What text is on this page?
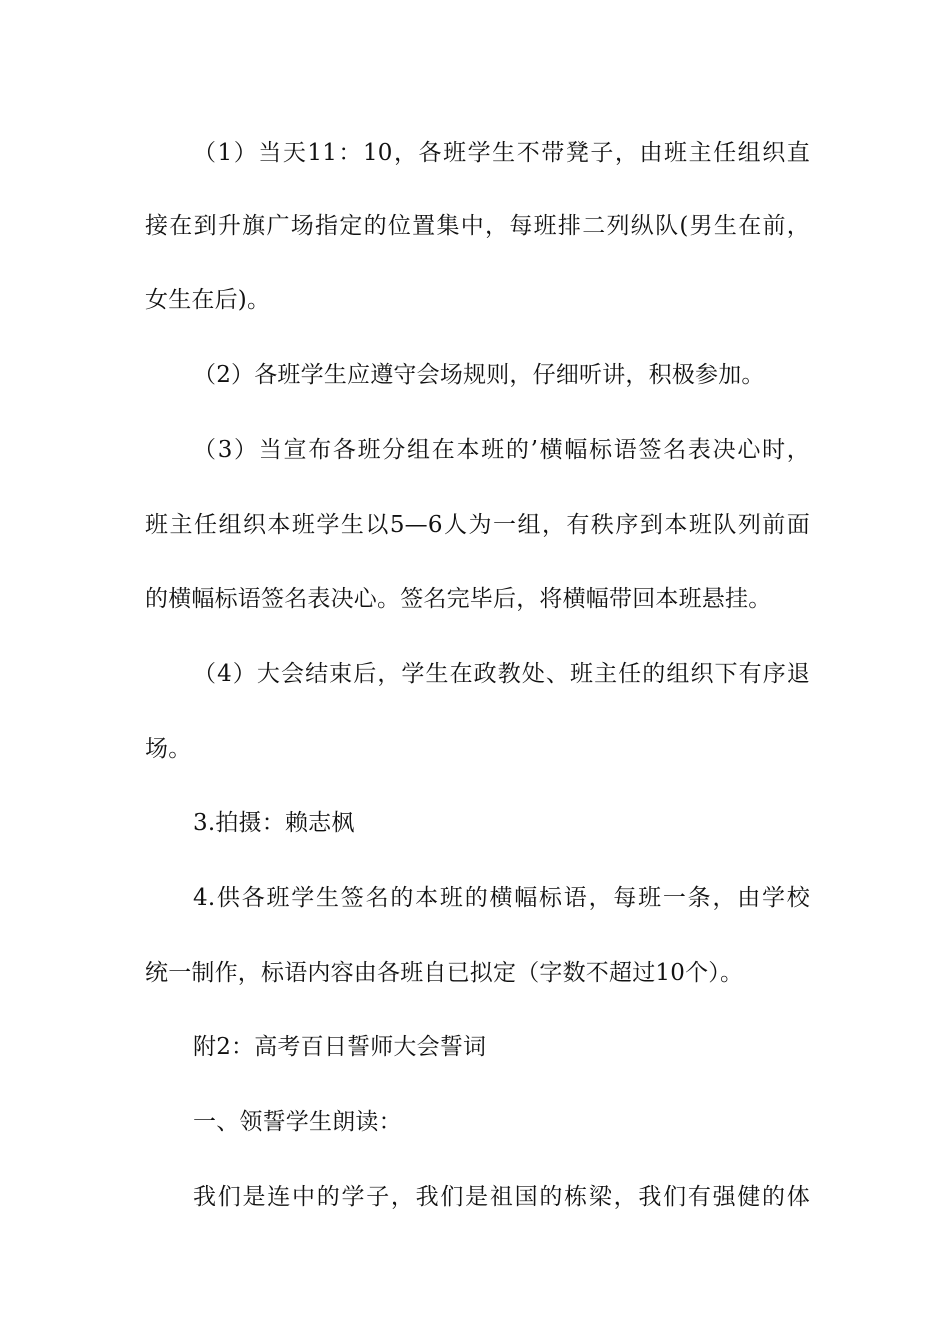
（1）当天11：10，各班学生不带凳子，由班主任组织直
接在到升旗广场指定的位置集中，每班排二列纵队(男生在前，
女生在后)。
（2）各班学生应遵守会场规则，仔细听讲，积极参加。
（3）当宣布各班分组在本班的’横幅标语签名表决心时，
班主任组织本班学生以5—6人为一组，有秩序到本班队列前面
的横幅标语签名表决心。签名完毕后，将横幅带回本班悬挂。
（4）大会结束后，学生在政教处、班主任的组织下有序退
场。
3.拍摄：赖志枫
4.供各班学生签名的本班的横幅标语，每班一条，由学校
统一制作，标语内容由各班自已拟定（字数不超过10个）。
附2：高考百日誓师大会誓词
一、领誓学生朗读：
我们是连中的学子，我们是祖国的栋梁，我们有强健的体
